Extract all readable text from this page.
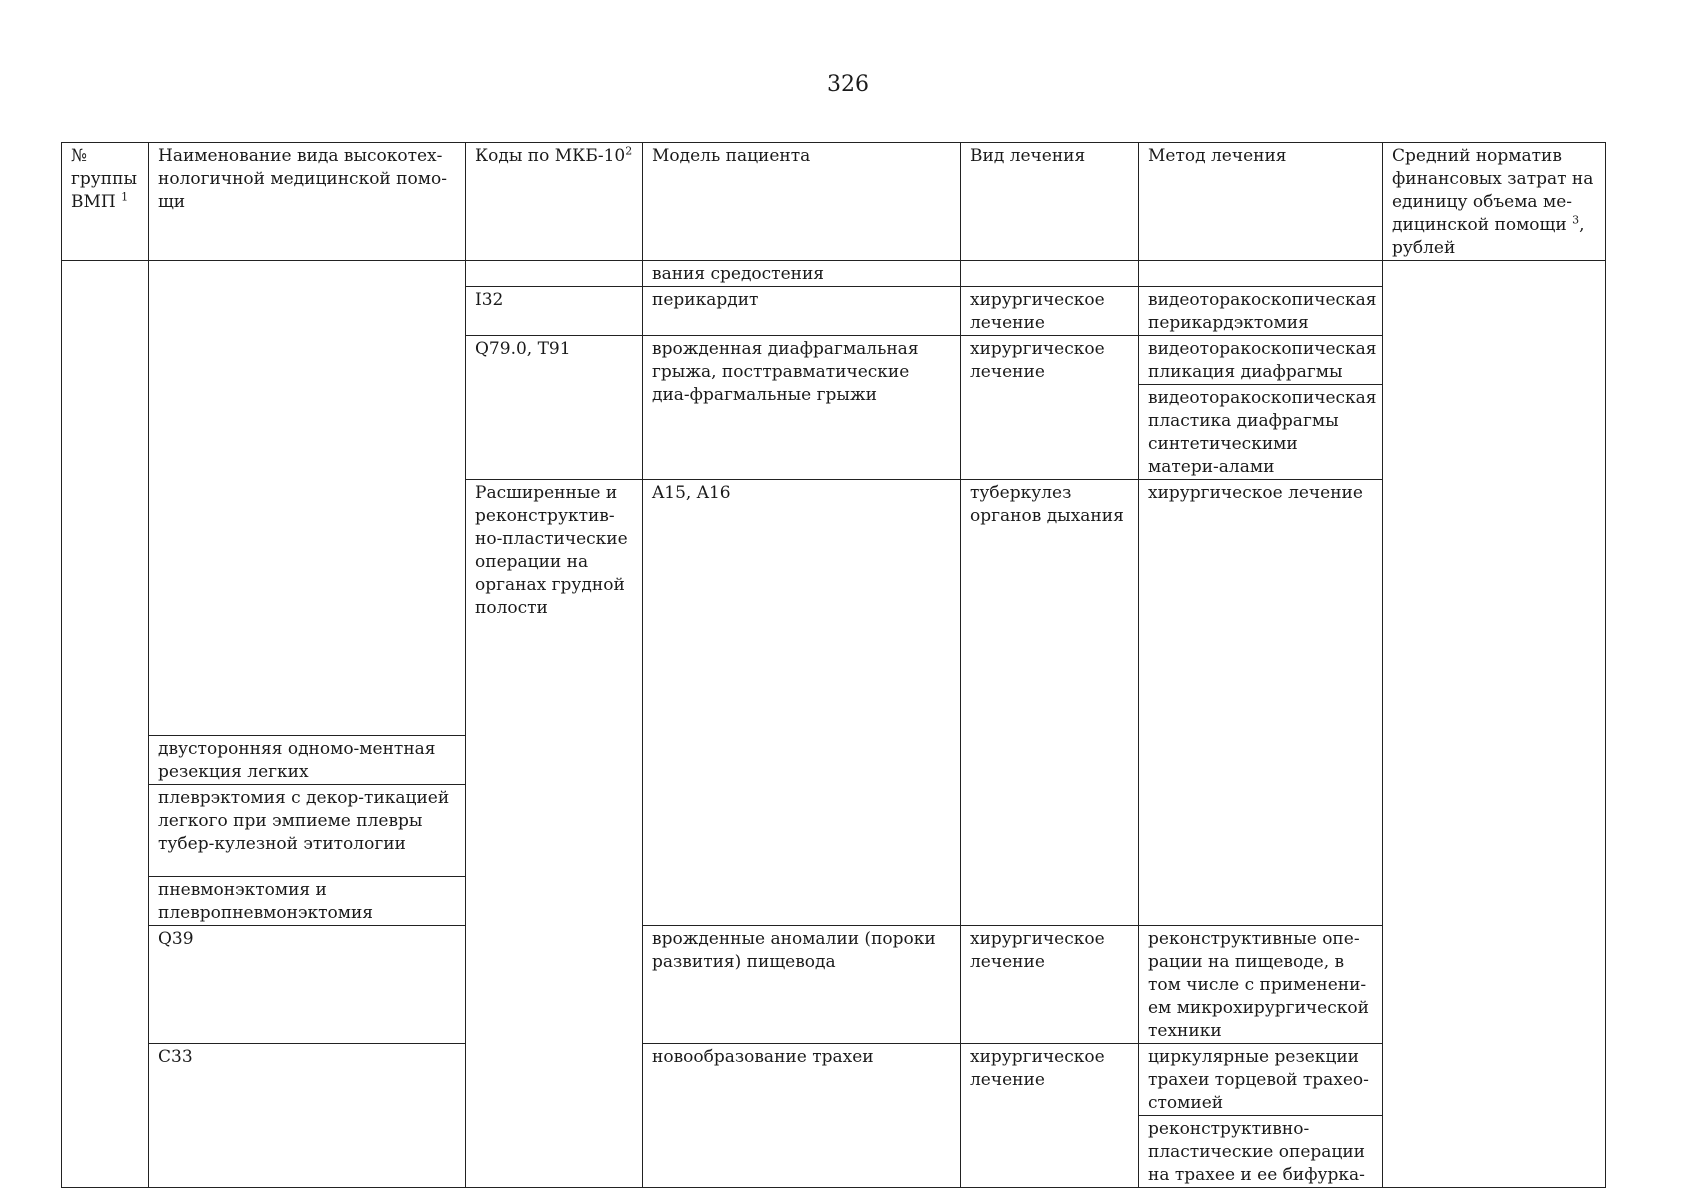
326
№ группы ВМП $^1$	Наименование вида высокотех-нологичной медицинской помо-щи	Коды по МКБ-$10^2$	Модель пациента	Вид лечения	Метод лечения	Средний норматив финансовых затрат на единицу объема ме-дицинской помощи $^3$, рублей	
			вания средостения				
		I32	перикардит	хирургическое лечение	видеоторакоскопическая перикардэктомия		
		Q79.0, T91	врожденная диафрагмальная грыжа, посттравматические диа-фрагмальные грыжи	хирургическое лечение	видеоторакоскопическая пликация диафрагмы		
					видеоторакоскопическая пластика диафрагмы синтетическими матери-алами		
		Расширенные и реконструктив-но-пластические операции на органах грудной полости	A15, A16	туберкулез органов дыхания	хирургическое лечение	
	двусторонняя одномо-ментная резекция легких						
	плеврэктомия с декор-тикацией легкого при эмпиеме плевры тубер-кулезной этитологии						
	пневмонэктомия и плевропневмонэктомия						
	Q39		врожденные аномалии (пороки развития) пищевода	хирургическое лечение	реконструктивные опе-рации на пищеводе, в том числе с применени-ем микрохирургической техники		
	C33		новообразование трахеи	хирургическое лечение	циркулярные резекции трахеи торцевой трахео-стомией		
					реконструктивно-пластические операции на трахее и ее бифурка-		
